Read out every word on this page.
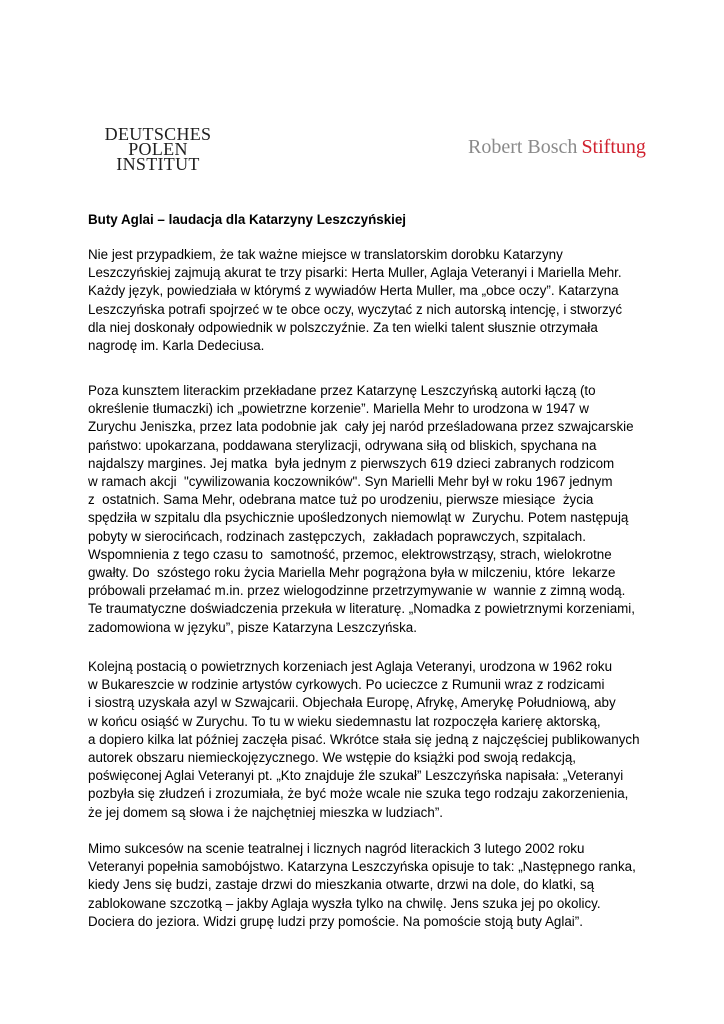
DEUTSCHES
POLEN
INSTITUT
Robert Bosch Stiftung
Buty Aglai – laudacja dla Katarzyny Leszczyńskiej
Nie jest przypadkiem, że tak ważne miejsce w translatorskim dorobku Katarzyny
Leszczyńskiej zajmują akurat te trzy pisarki: Herta Muller, Aglaja Veteranyi i Mariella Mehr.
Każdy język, powiedziała w którymś z wywiadów Herta Muller, ma „obce oczy”. Katarzyna
Leszczyńska potrafi spojrzeć w te obce oczy, wyczytać z nich autorską intencję, i stworzyć
dla niej doskonały odpowiednik w polszczyźnie. Za ten wielki talent słusznie otrzymała
nagrodę im. Karla Dedeciusa.
Poza kunsztem literackim przekładane przez Katarzynę Leszczyńską autorki łączą (to
określenie tłumaczki) ich „powietrzne korzenie”. Mariella Mehr to urodzona w 1947 w
Zurychu Jeniszka, przez lata podobnie jak  cały jej naród prześladowana przez szwajcarskie
państwo: upokarzana, poddawana sterylizacji, odrywana siłą od bliskich, spychana na
najdalszy margines. Jej matka  była jednym z pierwszych 619 dzieci zabranych rodzicom
w ramach akcji  "cywilizowania koczowników". Syn Marielli Mehr był w roku 1967 jednym
z  ostatnich. Sama Mehr, odebrana matce tuż po urodzeniu, pierwsze miesiące  życia
spędziła w szpitalu dla psychicznie upośledzonych niemowląt w  Zurychu. Potem następują
pobyty w sierocińcach, rodzinach zastępczych,  zakładach poprawczych, szpitalach.
Wspomnienia z tego czasu to  samotność, przemoc, elektrowstrząsy, strach, wielokrotne
gwałty. Do  szóstego roku życia Mariella Mehr pogrążona była w milczeniu, które  lekarze
próbowali przełamać m.in. przez wielogodzinne przetrzymywanie w  wannie z zimną wodą.
Te traumatyczne doświadczenia przekuła w literaturę. „Nomadka z powietrznymi korzeniami,
zadomowiona w języku”, pisze Katarzyna Leszczyńska.
Kolejną postacią o powietrznych korzeniach jest Aglaja Veteranyi, urodzona w 1962 roku
w Bukareszcie w rodzinie artystów cyrkowych. Po ucieczce z Rumunii wraz z rodzicami
i siostrą uzyskała azyl w Szwajcarii. Objechała Europę, Afrykę, Amerykę Południową, aby
w końcu osiąść w Zurychu. To tu w wieku siedemnastu lat rozpoczęła karierę aktorską,
a dopiero kilka lat później zaczęła pisać. Wkrótce stała się jedną z najczęściej publikowanych
autorek obszaru niemieckojęzycznego. We wstępie do książki pod swoją redakcją,
poświęconej Aglai Veteranyi pt. „Kto znajduje źle szukał” Leszczyńska napisała: „Veteranyi
pozbyła się złudzeń i zrozumiała, że być może wcale nie szuka tego rodzaju zakorzenienia,
że jej domem są słowa i że najchętniej mieszka w ludziach”.
Mimo sukcesów na scenie teatralnej i licznych nagród literackich 3 lutego 2002 roku
Veteranyi popełnia samobójstwo. Katarzyna Leszczyńska opisuje to tak: „Następnego ranka,
kiedy Jens się budzi, zastaje drzwi do mieszkania otwarte, drzwi na dole, do klatki, są
zablokowane szczotką – jakby Aglaja wyszła tylko na chwilę. Jens szuka jej po okolicy.
Dociera do jeziora. Widzi grupę ludzi przy pomoście. Na pomoście stoją buty Aglai”.
